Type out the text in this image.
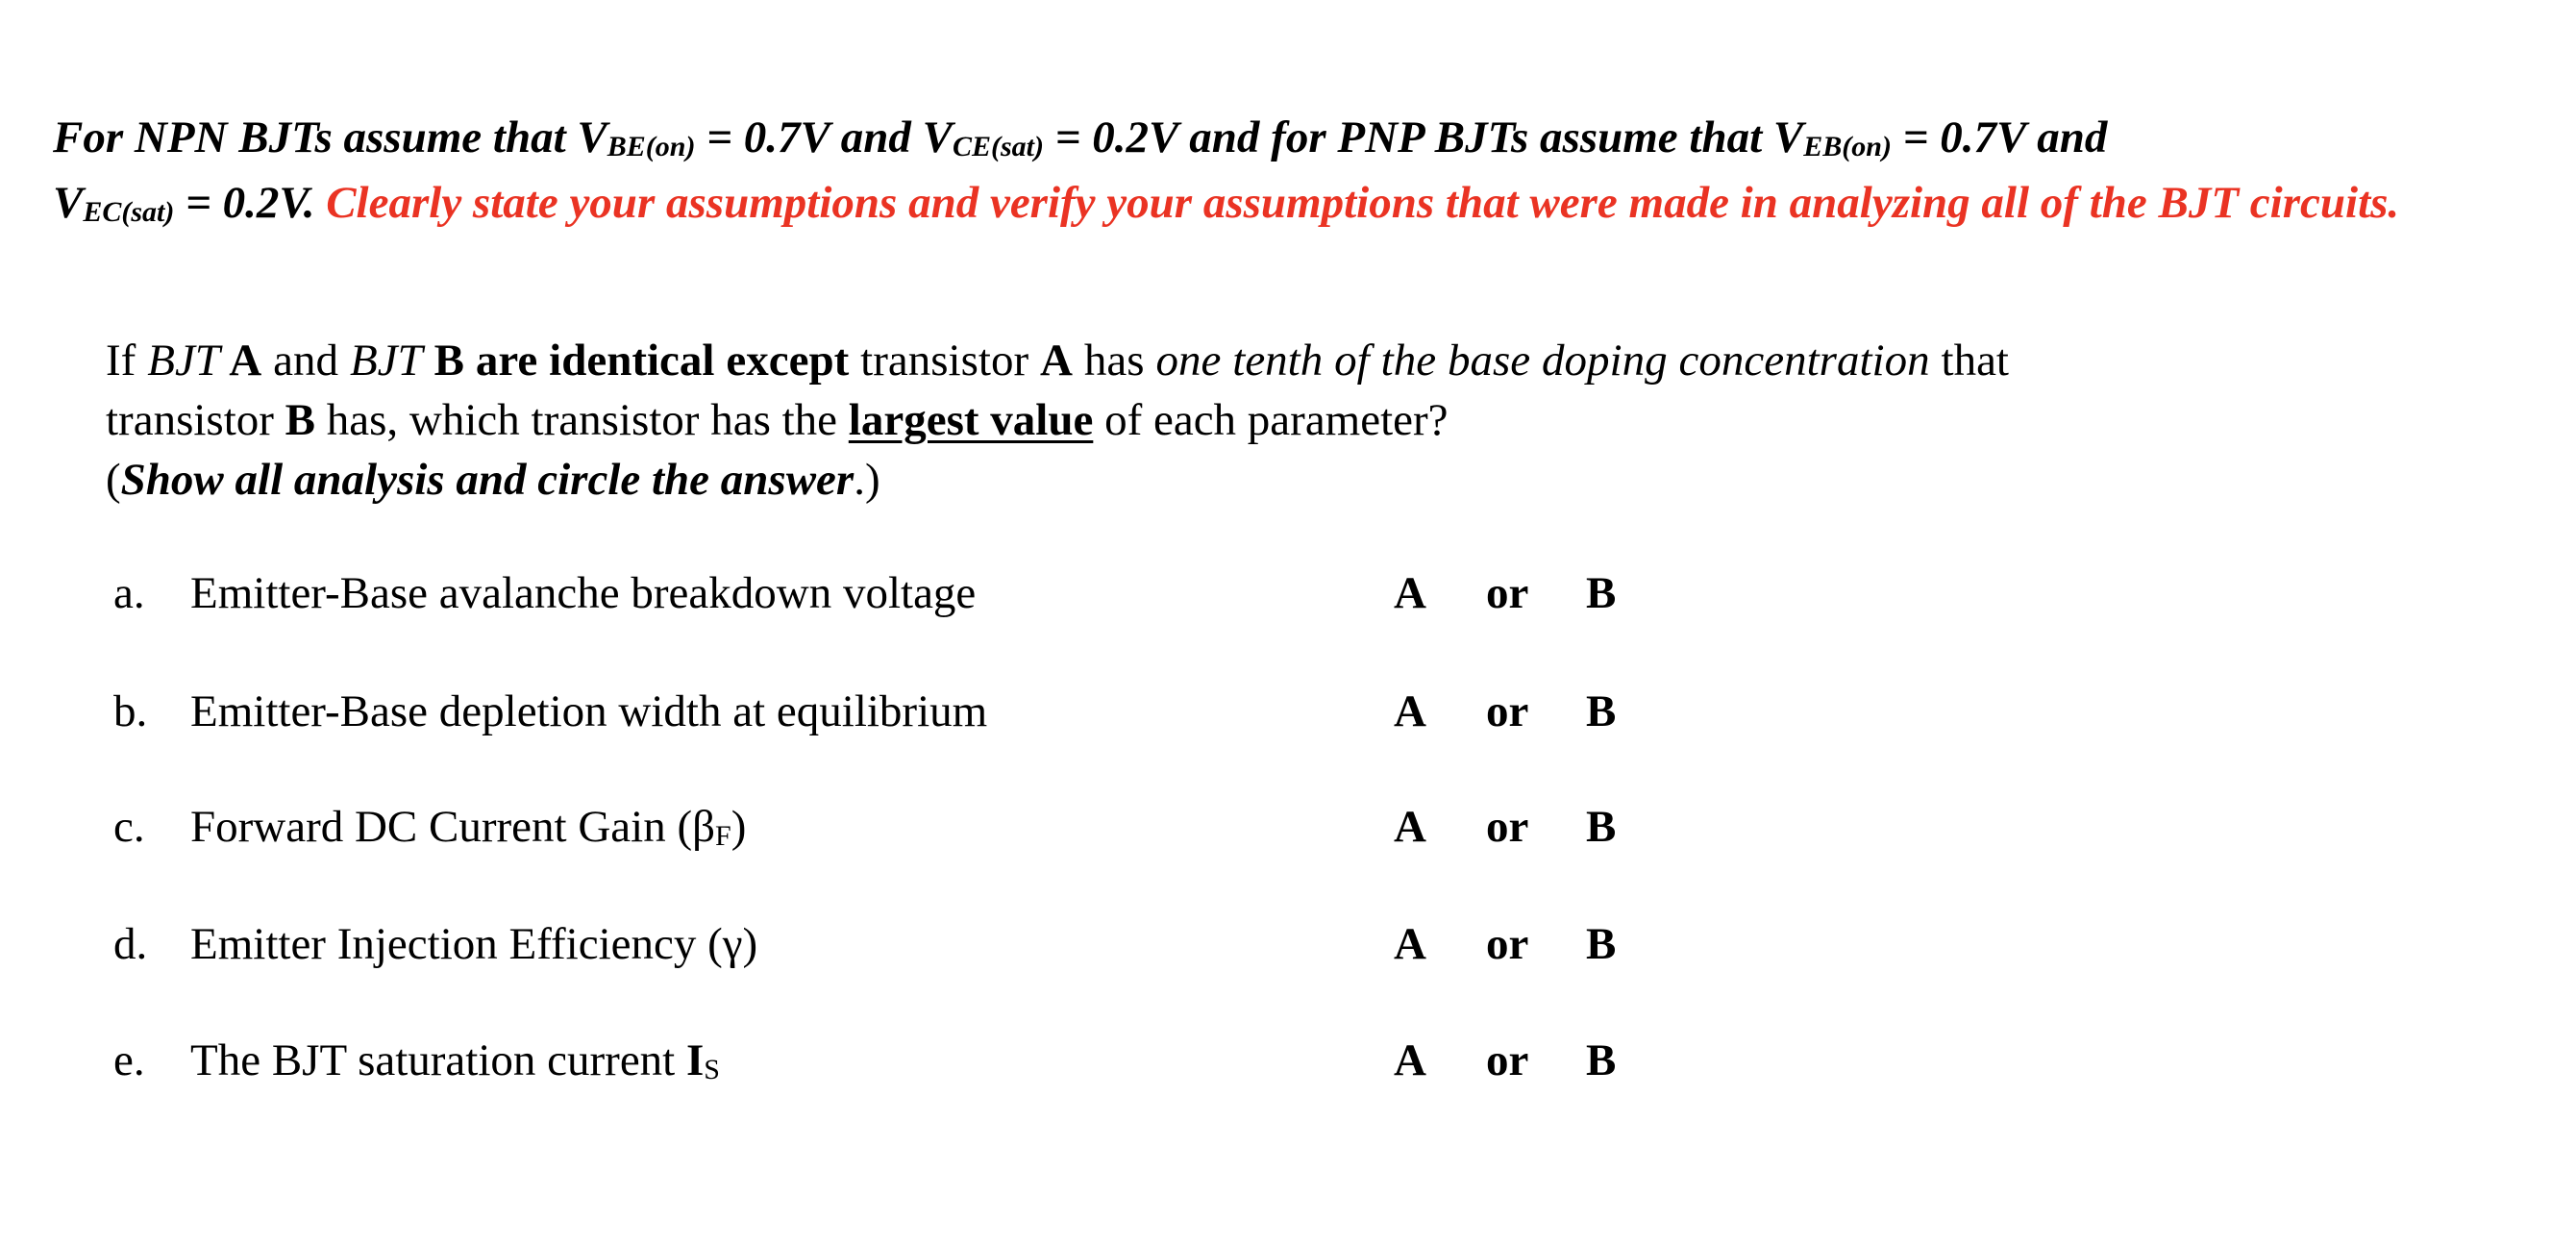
For NPN BJTs assume that $V_{BE(on)} = 0.7V$ and $V_{CE(sat)} = 0.2V$ and for PNP BJTs assume that $V_{EB(on)} = 0.7V$ and
$V_{EC(sat)} = 0.2V$. Clearly state your assumptions and verify your assumptions that were made in analyzing all of the BJT circuits.
If BJT A and BJT B are identical except transistor A has one tenth of the base doping concentration that transistor B has, which transistor has the largest value of each parameter?
(Show all analysis and circle the answer.)
a. Emitter-Base avalanche breakdown voltage	A or B
b. Emitter-Base depletion width at equilibrium	A or B
c. Forward DC Current Gain $(\beta_F)$	A or B
d. Emitter Injection Efficiency (γ)	A or B
e. The BJT saturation current $I_S$	A or B
